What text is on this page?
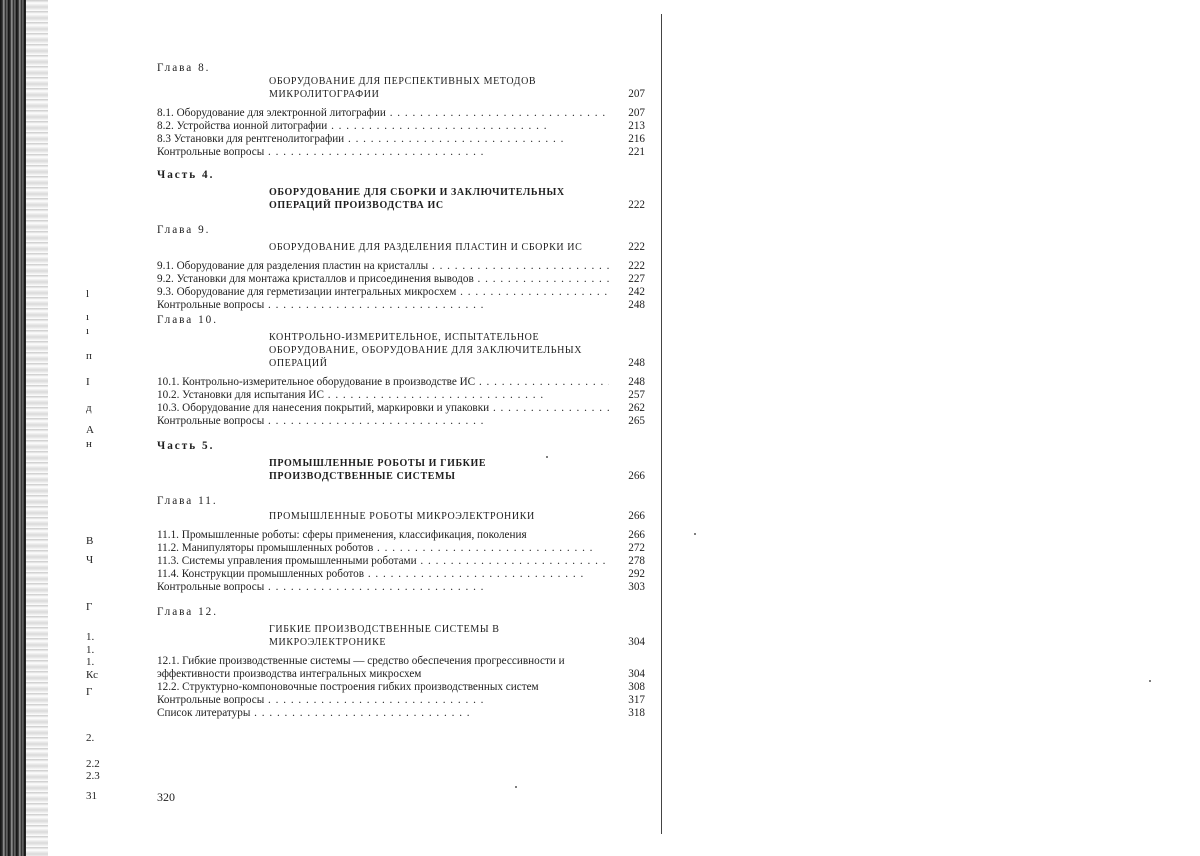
l
ı
ı
п
I
д
А
н
В
Ч
Г
1.
1.
1.
Кс
Г
2.
2.2
2.3
31
Глава 8.
ОБОРУДОВАНИЕ ДЛЯ ПЕРСПЕКТИВНЫХ МЕТОДОВ МИКРОЛИТОГРАФИИ	207
8.1. Оборудование для электронной литографии . .	207
8.2. Устройства ионной литографии . .	213
8.3 Установки для рентгенолитографии . .	216
Контрольные вопросы . .	221
Часть 4.
ОБОРУДОВАНИЕ ДЛЯ СБОРКИ И ЗАКЛЮЧИТЕЛЬНЫХ ОПЕРАЦИЙ ПРОИЗВОДСТВА ИС	222
Глава 9.
ОБОРУДОВАНИЕ ДЛЯ РАЗДЕЛЕНИЯ ПЛАСТИН И СБОРКИ ИС	222
9.1. Оборудование для разделения пластин на кристаллы . .	222
9.2. Установки для монтажа кристаллов и присоединения выводов . .	227
9.3. Оборудование для герметизации интегральных микросхем . .	242
Контрольные вопросы . .	248
Глава 10.
КОНТРОЛЬНО-ИЗМЕРИТЕЛЬНОЕ, ИСПЫТАТЕЛЬНОЕ ОБОРУДОВАНИЕ, ОБОРУДОВАНИЕ ДЛЯ ЗАКЛЮЧИТЕЛЬНЫХ ОПЕРАЦИЙ	248
10.1. Контрольно-измерительное оборудование в производстве ИС . .	248
10.2. Установки для испытания ИС . .	257
10.3. Оборудование для нанесения покрытий, маркировки и упаковки . .	262
Контрольные вопросы . .	265
Часть 5.
ПРОМЫШЛЕННЫЕ РОБОТЫ И ГИБКИЕ ПРОИЗВОДСТВЕННЫЕ СИСТЕМЫ	266
Глава 11.
ПРОМЫШЛЕННЫЕ РОБОТЫ МИКРОЭЛЕКТРОНИКИ	266
11.1. Промышленные роботы: сферы применения, классификация, поколения	266
11.2. Манипуляторы промышленных роботов . .	272
11.3. Системы управления промышленными роботами . .	278
11.4. Конструкции промышленных роботов . .	292
Контрольные вопросы . .	303
Глава 12.
ГИБКИЕ ПРОИЗВОДСТВЕННЫЕ СИСТЕМЫ В МИКРОЭЛЕКТРОНИКЕ	304
12.1. Гибкие производственные системы — средство обеспечения прогрессивности и эффективности производства интегральных микросхем	304
12.2. Структурно-компоновочные построения гибких производственных систем	308
Контрольные вопросы . .	317
Список литературы . .	318
320
